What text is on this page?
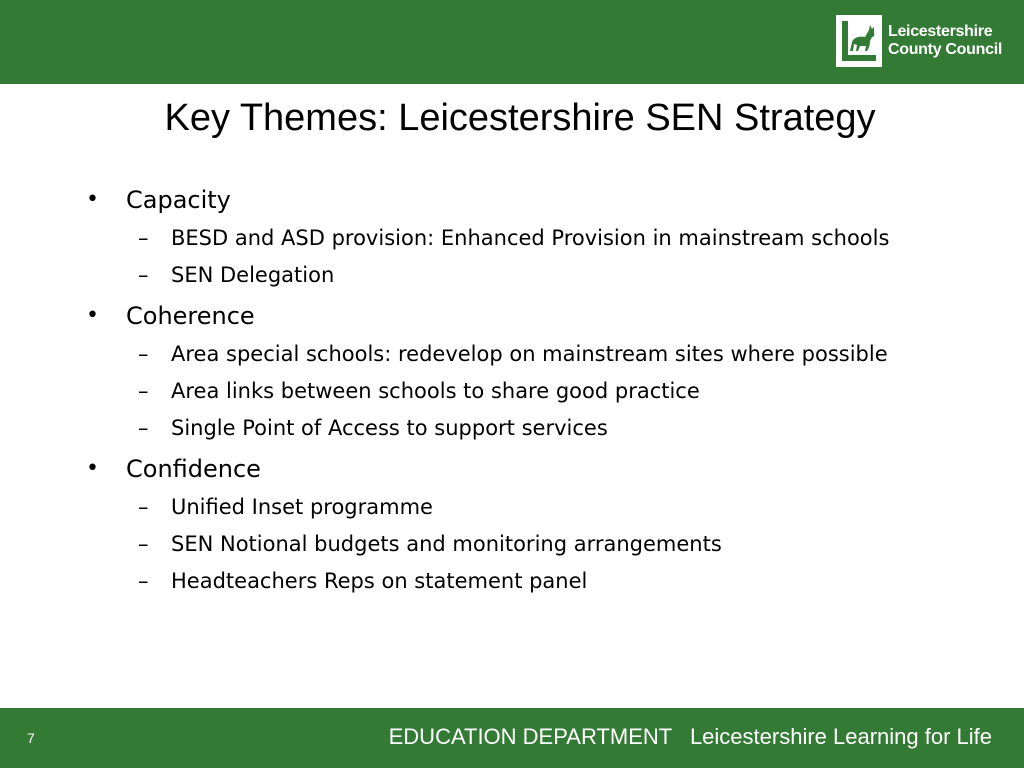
Leicestershire
County Council
Key Themes: Leicestershire SEN Strategy
• Capacity
– BESD and ASD provision: Enhanced Provision in mainstream schools
– SEN Delegation
• Coherence
– Area special schools: redevelop on mainstream sites where possible
– Area links between schools to share good practice
– Single Point of Access to support services
• Confidence
– Unified Inset programme
– SEN Notional budgets and monitoring arrangements
– Headteachers Reps on statement panel
7	EDUCATION DEPARTMENT Leicestershire Learning for Life
